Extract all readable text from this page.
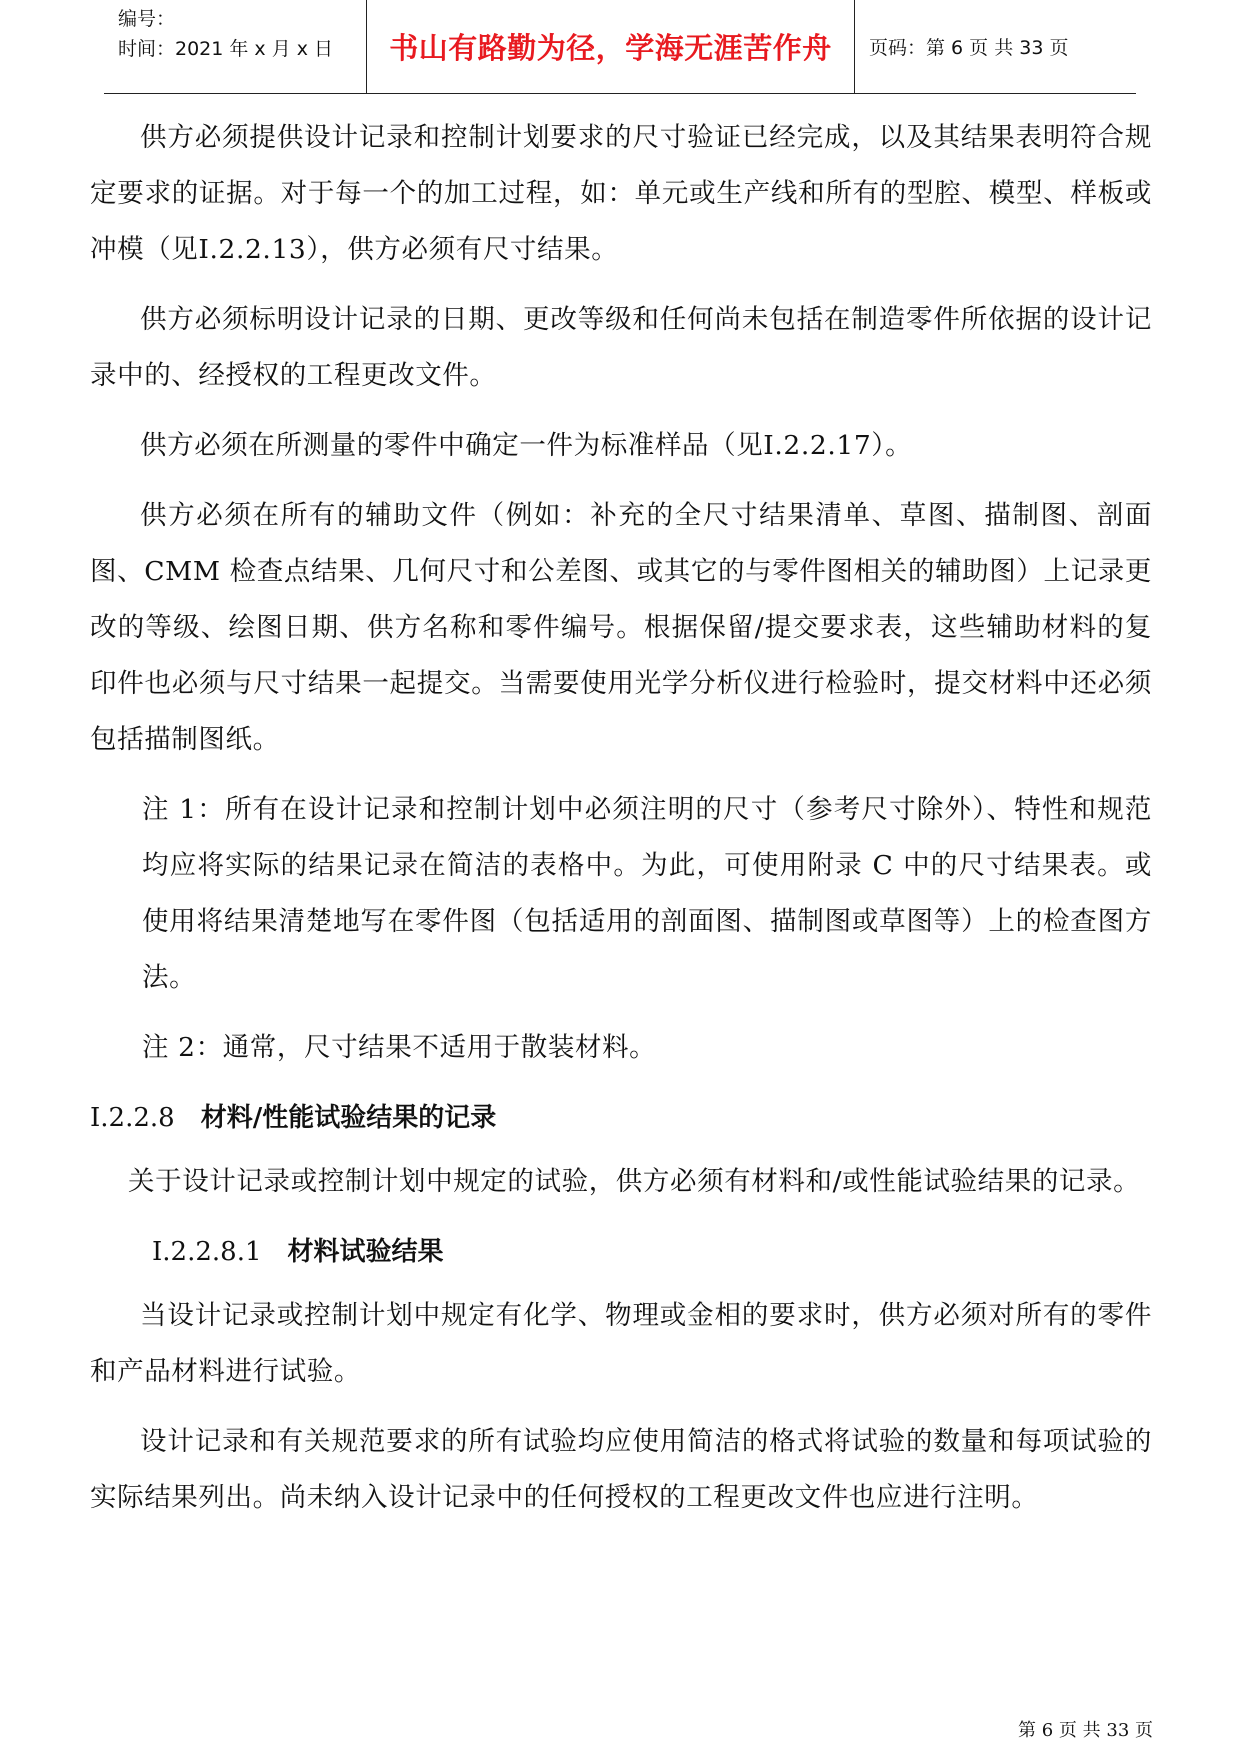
编号：
时间：2021 年 x 月 x 日 书山有路勤为径，学海无涯苦作舟	页码：第 6 页 共 33 页

供方必须提供设计记录和控制计划要求的尺寸验证已经完成，以及其结果表明符合规定要求的证据。对于每一个的加工过程，如：单元或生产线和所有的型腔、模型、样板或冲模（见Ⅰ.2.2.13），供方必须有尺寸结果。

供方必须标明设计记录的日期、更改等级和任何尚未包括在制造零件所依据的设计记录中的、经授权的工程更改文件。

供方必须在所测量的零件中确定一件为标准样品（见Ⅰ.2.2.17）。

供方必须在所有的辅助文件（例如：补充的全尺寸结果清单、草图、描制图、剖面图、CMM 检查点结果、几何尺寸和公差图、或其它的与零件图相关的辅助图）上记录更改的等级、绘图日期、供方名称和零件编号。根据保留/提交要求表，这些辅助材料的复印件也必须与尺寸结果一起提交。当需要使用光学分析仪进行检验时，提交材料中还必须包括描制图纸。

注 1：所有在设计记录和控制计划中必须注明的尺寸（参考尺寸除外）、特性和规范均应将实际的结果记录在简洁的表格中。为此，可使用附录 C 中的尺寸结果表。或使用将结果清楚地写在零件图（包括适用的剖面图、描制图或草图等）上的检查图方法。

注 2：通常，尺寸结果不适用于散装材料。

Ⅰ.2.2.8 材料/性能试验结果的记录

关于设计记录或控制计划中规定的试验，供方必须有材料和/或性能试验结果的记录。

Ⅰ.2.2.8.1 材料试验结果

当设计记录或控制计划中规定有化学、物理或金相的要求时，供方必须对所有的零件和产品材料进行试验。

设计记录和有关规范要求的所有试验均应使用简洁的格式将试验的数量和每项试验的实际结果列出。尚未纳入设计记录中的任何授权的工程更改文件也应进行注明。

第 6 页 共 33 页
